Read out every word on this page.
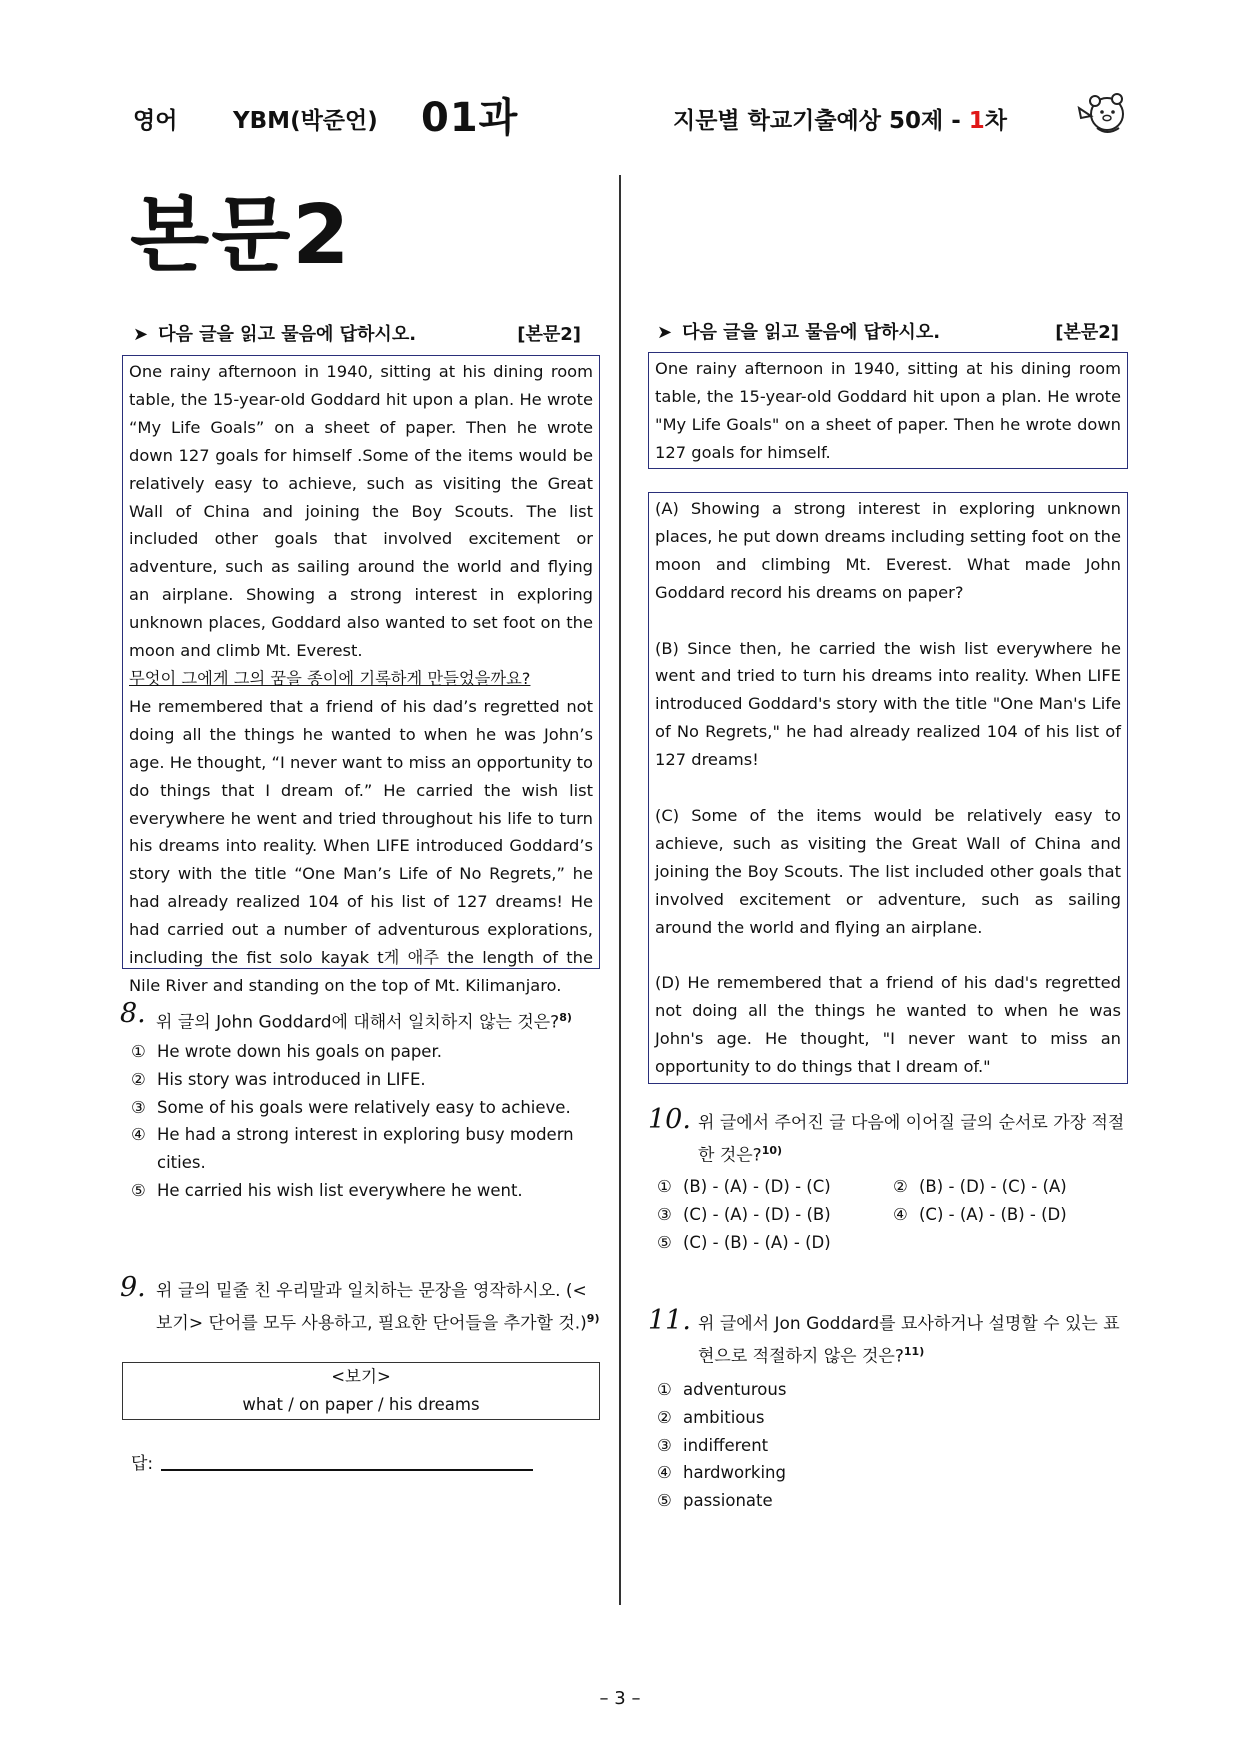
영어 YBM(박준언) 01과	지문별 학교기출예상 50제 - 1차
본문2
➤ 다음 글을 읽고 물음에 답하시오.	[본문2]

One rainy afternoon in 1940, sitting at his dining room table, the 15-year-old Goddard hit upon a plan. He wrote “My Life Goals” on a sheet of paper. Then he wrote down 127 goals for himself .Some of the items would be relatively easy to achieve, such as visiting the Great Wall of China and joining the Boy Scouts. The list included other goals that involved excitement or adventure, such as sailing around the world and flying an airplane. Showing a strong interest in exploring unknown places, Goddard also wanted to set foot on the moon and climb Mt. Everest.

무엇이 그에게 그의 꿈을 종이에 기록하게 만들었을까요?

He remembered that a friend of his dad’s regretted not doing all the things he wanted to when he was John’s age. He thought, “I never want to miss an opportunity to do things that I dream of.” He carried the wish list everywhere he went and tried throughout his life to turn his dreams into reality. When LIFE introduced Goddard’s story with the title “One Man’s Life of No Regrets,” he had already realized 104 of his list of 127 dreams! He had carried out a number of adventurous explorations, including the fist solo kayak t게 애주 the length of the Nile River and standing on the top of Mt. Kilimanjaro.

8. 위 글의 John Goddard에 대해서 일치하지 않는 것은?$^{8)}$
① He wrote down his goals on paper.
② His story was introduced in LIFE.
③ Some of his goals were relatively easy to achieve.
④ He had a strong interest in exploring busy modern cities.
⑤ He carried his wish list everywhere he went.
9. 위 글의 밑줄 친 우리말과 일치하는 문장을 영작하시오. (<보기> 단어를 모두 사용하고, 필요한 단어들을 추가할 것.)$^{9)}$
<보기>
what / on paper / his dreams
답:
➤ 다음 글을 읽고 물음에 답하시오.	[본문2]

One rainy afternoon in 1940, sitting at his dining room table, the 15-year-old Goddard hit upon a plan. He wrote "My Life Goals" on a sheet of paper. Then he wrote down 127 goals for himself.

(A) Showing a strong interest in exploring unknown places, he put down dreams including setting foot on the moon and climbing Mt. Everest. What made John Goddard record his dreams on paper?

(B) Since then, he carried the wish list everywhere he went and tried to turn his dreams into reality. When LIFE introduced Goddard's story with the title "One Man's Life of No Regrets," he had already realized 104 of his list of 127 dreams!

(C) Some of the items would be relatively easy to achieve, such as visiting the Great Wall of China and joining the Boy Scouts. The list included other goals that involved excitement or adventure, such as sailing around the world and flying an airplane.

(D) He remembered that a friend of his dad's regretted not doing all the things he wanted to when he was John's age. He thought, "I never want to miss an opportunity to do things that I dream of."

10. 위 글에서 주어진 글 다음에 이어질 글의 순서로 가장 적절한 것은?$^{10)}$
① (B) - (A) - (D) - (C)	② (B) - (D) - (C) - (A)
③ (C) - (A) - (D) - (B)	④ (C) - (A) - (B) - (D)
⑤ (C) - (B) - (A) - (D)
11. 위 글에서 Jon Goddard를 묘사하거나 설명할 수 있는 표현으로 적절하지 않은 것은?$^{11)}$
① adventurous
② ambitious
③ indifferent
④ hardworking
⑤ passionate
– 3 –
